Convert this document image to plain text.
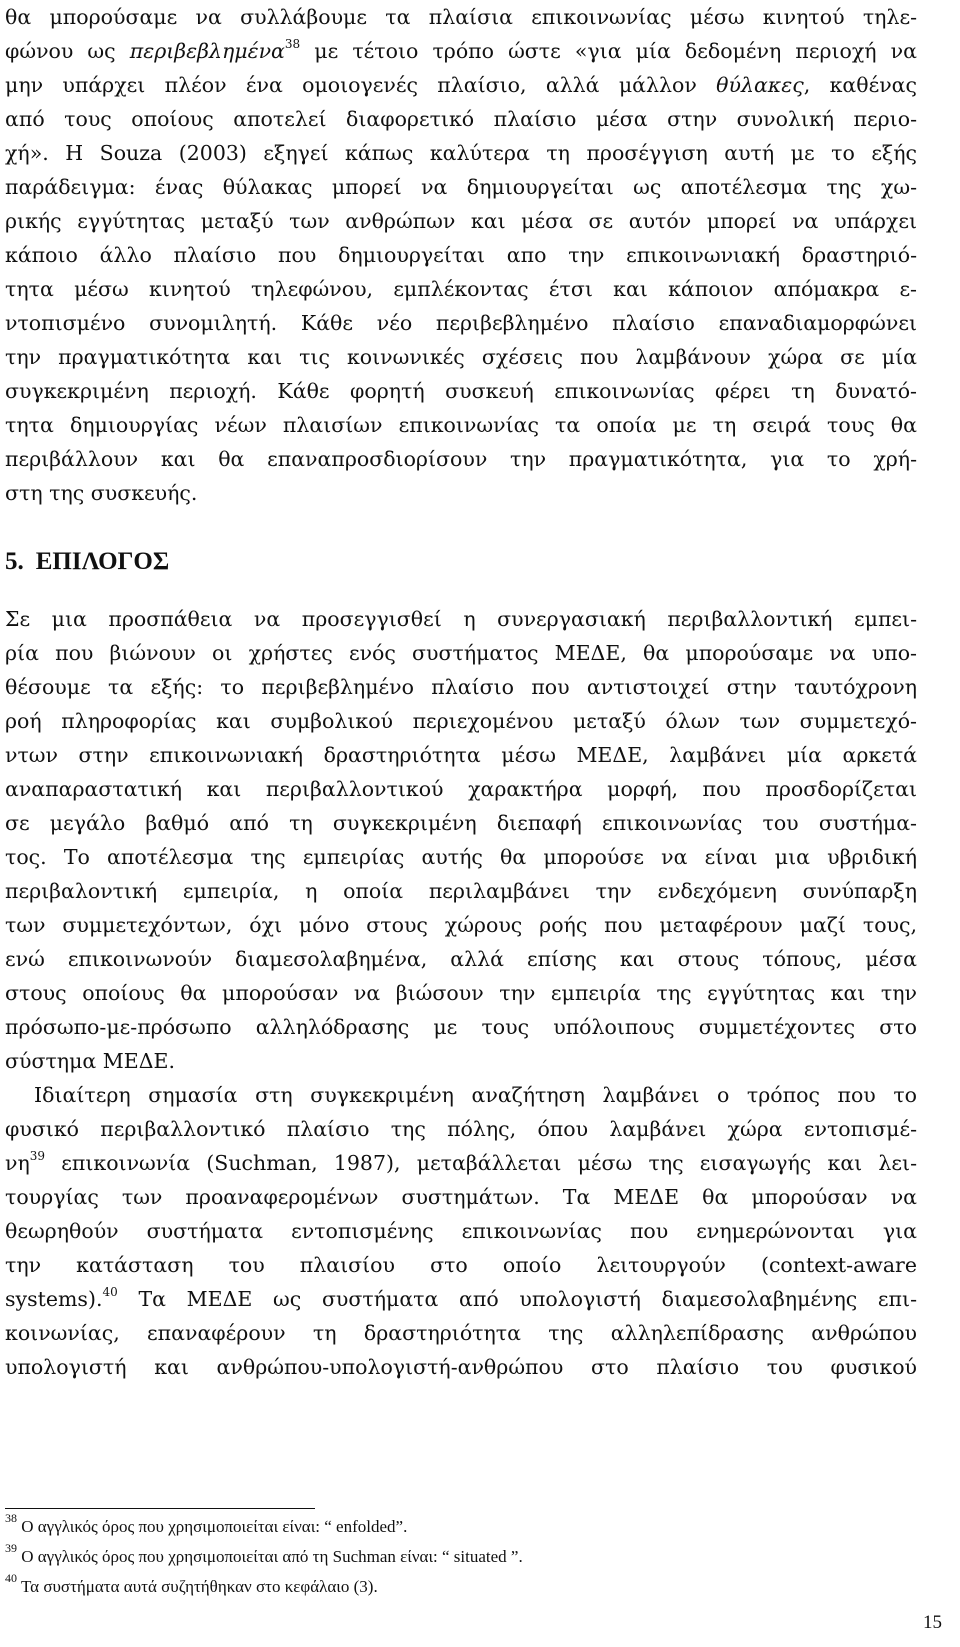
θα μπορούσαμε να συλλάβουμε τα πλαίσια επικοινωνίας μέσω κινητού τηλε-
φώνου ως περιβεβλημένα$^{38}$ με τέτοιο τρόπο ώστε «για μία δεδομένη περιοχή να
μην υπάρχει πλέον ένα ομοιογενές πλαίσιο, αλλά μάλλον θύλακες, καθένας
από τους οποίους αποτελεί διαφορετικό πλαίσιο μέσα στην συνολική περιο-
χή». Η Souza (2003) εξηγεί κάπως καλύτερα τη προσέγγιση αυτή με το εξής
παράδειγμα: ένας θύλακας μπορεί να δημιουργείται ως αποτέλεσμα της χω-
ρικής εγγύτητας μεταξύ των ανθρώπων και μέσα σε αυτόν μπορεί να υπάρχει
κάποιο άλλο πλαίσιο που δημιουργείται απο την επικοινωνιακή δραστηριό-
τητα μέσω κινητού τηλεφώνου, εμπλέκοντας έτσι και κάποιον απόμακρα ε-
ντοπισμένο συνομιλητή. Κάθε νέο περιβεβλημένο πλαίσιο επαναδιαμορφώνει
την πραγματικότητα και τις κοινωνικές σχέσεις που λαμβάνουν χώρα σε μία
συγκεκριμένη περιοχή. Κάθε φορητή συσκευή επικοινωνίας φέρει τη δυνατό-
τητα δημιουργίας νέων πλαισίων επικοινωνίας τα οποία με τη σειρά τους θα
περιβάλλουν και θα επαναπροσδιορίσουν την πραγματικότητα, για το χρή-
στη της συσκευής.
5. ΕΠΙΛΟΓΟΣ
Σε μια προσπάθεια να προσεγγισθεί η συνεργασιακή περιβαλλοντική εμπει-
ρία που βιώνουν οι χρήστες ενός συστήματος ΜΕΔΕ, θα μπορούσαμε να υπο-
θέσουμε τα εξής: το περιβεβλημένο πλαίσιο που αντιστοιχεί στην ταυτόχρονη
ροή πληροφορίας και συμβολικού περιεχομένου μεταξύ όλων των συμμετεχό-
ντων στην επικοινωνιακή δραστηριότητα μέσω ΜΕΔΕ, λαμβάνει μία αρκετά
αναπαραστατική και περιβαλλοντικού χαρακτήρα μορφή, που προσδορίζεται
σε μεγάλο βαθμό από τη συγκεκριμένη διεπαφή επικοινωνίας του συστήμα-
τος. Το αποτέλεσμα της εμπειρίας αυτής θα μπορούσε να είναι μια υβριδική
περιβαλοντική εμπειρία, η οποία περιλαμβάνει την ενδεχόμενη συνύπαρξη
των συμμετεχόντων, όχι μόνο στους χώρους ροής που μεταφέρουν μαζί τους,
ενώ επικοινωνούν διαμεσολαβημένα, αλλά επίσης και στους τόπους, μέσα
στους οποίους θα μπορούσαν να βιώσουν την εμπειρία της εγγύτητας και την
πρόσωπο-με-πρόσωπο αλληλόδρασης με τους υπόλοιπους συμμετέχοντες στο
σύστημα ΜΕΔΕ.
Ιδιαίτερη σημασία στη συγκεκριμένη αναζήτηση λαμβάνει ο τρόπος που το
φυσικό περιβαλλοντικό πλαίσιο της πόλης, όπου λαμβάνει χώρα εντοπισμέ-
$\nu\eta^{39}$ επικοινωνία (Suchman, 1987), μεταβάλλεται μέσω της εισαγωγής και λει-
τουργίας των προαναφερομένων συστημάτων. Τα ΜΕΔΕ θα μπορούσαν να
θεωρηθούν συστήματα εντοπισμένης επικοινωνίας που ενημερώνονται για
την κατάσταση του πλαισίου στο οποίο λειτουργούν (context-aware
systems).$^{40}$ Τα ΜΕΔΕ ως συστήματα από υπολογιστή διαμεσολαβημένης επι-
κοινωνίας, επαναφέρουν τη δραστηριότητα της αλληλεπίδρασης ανθρώπου
υπολογιστή και ανθρώπου-υπολογιστή-ανθρώπου στο πλαίσιο του φυσικού
$^{38}$ Ο αγγλικός όρος που χρησιμοποιείται είναι: “ enfolded”.
$^{39}$ Ο αγγλικός όρος που χρησιμοποιείται από τη Suchman είναι: “ situated ”.
$^{40}$ Τα συστήματα αυτά συζητήθηκαν στο κεφάλαιο (3).
15
